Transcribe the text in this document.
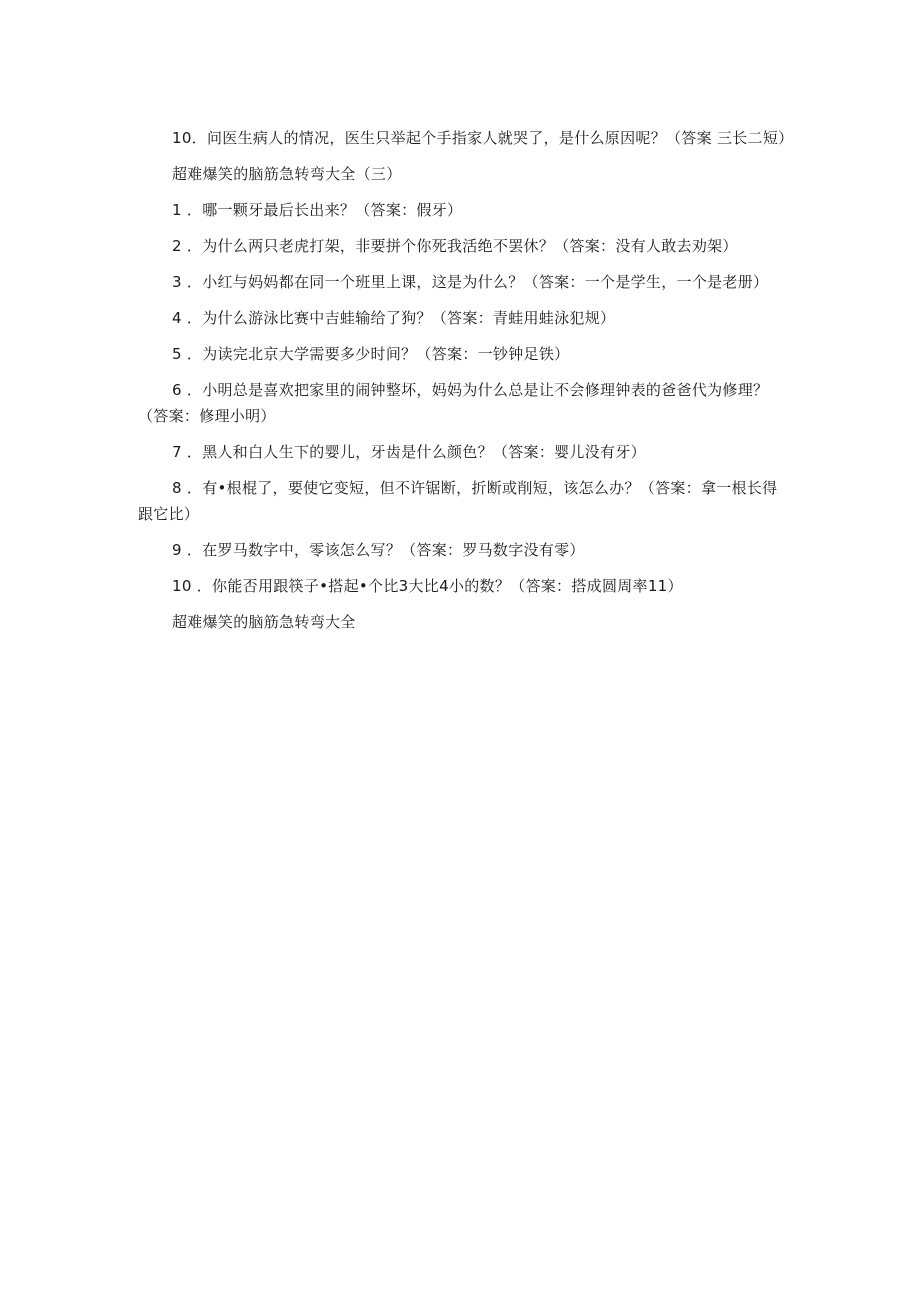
10．问医生病人的情况，医生只举起个手指家人就哭了，是什么原因呢？（答案 三长二短）

超难爆笑的脑筋急转弯大全（三）

1 ．哪一颗牙最后长出来？（答案：假牙）

2 ．为什么两只老虎打架，非要拼个你死我活绝不罢休？（答案：没有人敢去劝架）

3 ．小红与妈妈都在同一个班里上课，这是为什么？（答案：一个是学生，一个是老册）

4 ．为什么游泳比赛中吉蛙输给了狗？（答案：青蛙用蛙泳犯规）

5 ．为读完北京大学需要多少时间？（答案：一钞钟足铁）

6 ．小明总是喜欢把家里的闹钟整坏，妈妈为什么总是让不会修理钟表的爸爸代为修理？（答案：修理小明）

7 ．黑人和白人生下的婴儿，牙齿是什么颜色？（答案：婴儿没有牙）

8 ．有•根棍了，要使它变短，但不许锯断，折断或削短，该怎么办？（答案：拿一根长得跟它比）

9 ．在罗马数字中，零该怎么写？（答案：罗马数字没有零）

10 ．你能否用跟筷子•搭起•个比3大比4小的数？（答案：搭成圆周率11）

超难爆笑的脑筋急转弯大全
